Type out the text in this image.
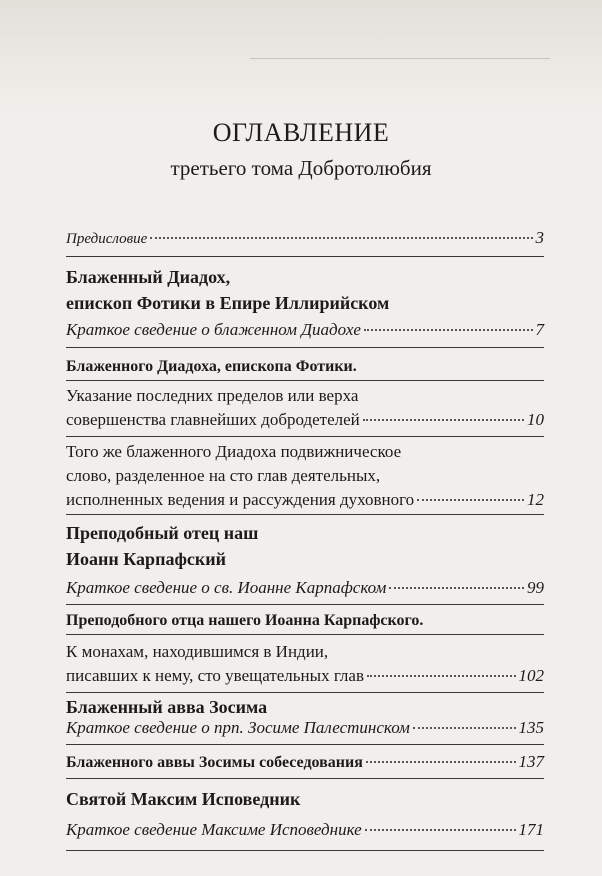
ОГЛАВЛЕНИЕ
третьего тома Добротолюбия
Предисловие	3
Блаженный Диадох,
епископ Фотики в Епире Иллирийском
Краткое сведение о блаженном Диадохе	7
Блаженного Диадоха, епископа Фотики.
Указание последних пределов или верха
совершенства главнейших добродетелей	10
Того же блаженного Диадоха подвижническое
слово, разделенное на сто глав деятельных,
исполненных ведения и рассуждения духовного	12
Преподобный отец наш
Иоанн Карпафский
Краткое сведение о св. Иоанне Карпафском	99
Преподобного отца нашего Иоанна Карпафского.
К монахам, находившимся в Индии,
писавших к нему, сто увещательных глав	102
Блаженный авва Зосима
Краткое сведение о прп. Зосиме Палестинском	135
Блаженного аввы Зосимы собеседования	137
Святой Максим Исповедник
Краткое сведение Максиме Исповеднике	171
